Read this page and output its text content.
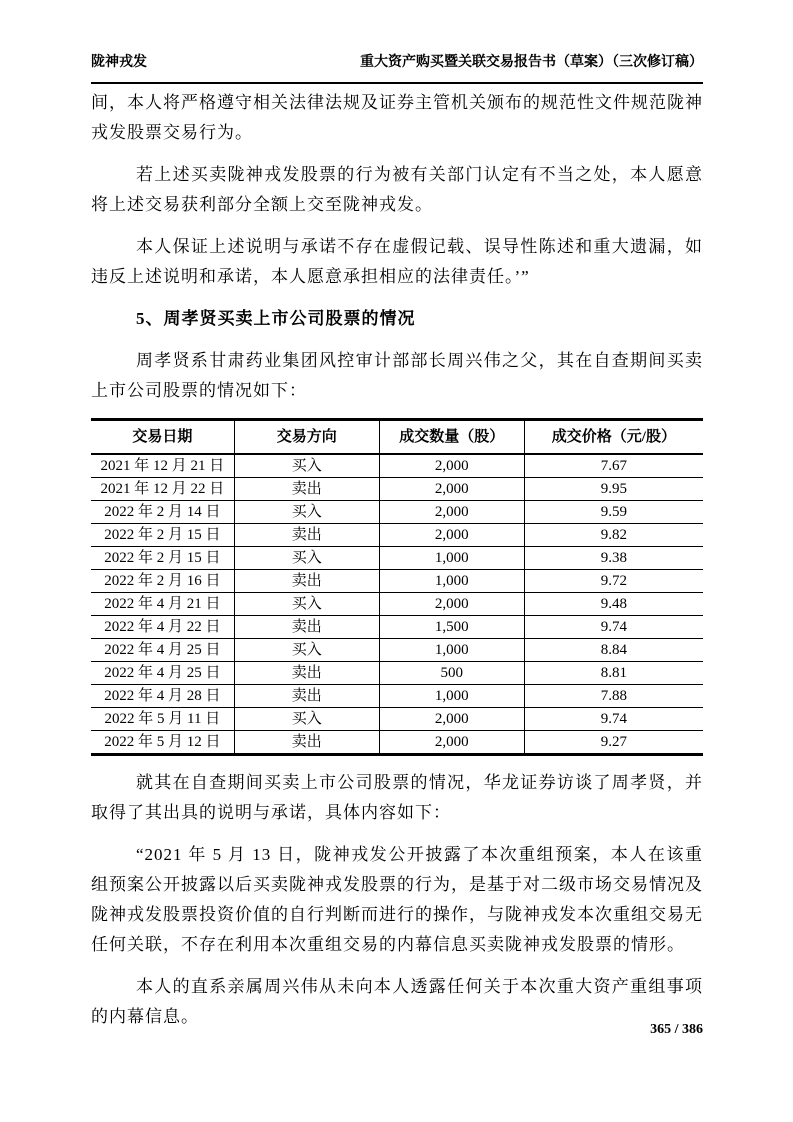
陇神戎发	重大资产购买暨关联交易报告书（草案）（三次修订稿）

间，本人将严格遵守相关法律法规及证券主管机关颁布的规范性文件规范陇神戎发股票交易行为。

若上述买卖陇神戎发股票的行为被有关部门认定有不当之处，本人愿意将上述交易获利部分全额上交至陇神戎发。

本人保证上述说明与承诺不存在虚假记载、误导性陈述和重大遗漏，如违反上述说明和承诺，本人愿意承担相应的法律责任。’”

5、周孝贤买卖上市公司股票的情况

周孝贤系甘肃药业集团风控审计部部长周兴伟之父，其在自查期间买卖上市公司股票的情况如下：

交易日期	交易方向	成交数量（股）	成交价格（元/股）
2021 年 12 月 21 日	买入	2,000	7.67
2021 年 12 月 22 日	卖出	2,000	9.95
2022 年 2 月 14 日	买入	2,000	9.59
2022 年 2 月 15 日	卖出	2,000	9.82
2022 年 2 月 15 日	买入	1,000	9.38
2022 年 2 月 16 日	卖出	1,000	9.72
2022 年 4 月 21 日	买入	2,000	9.48
2022 年 4 月 22 日	卖出	1,500	9.74
2022 年 4 月 25 日	买入	1,000	8.84
2022 年 4 月 25 日	卖出	500	8.81
2022 年 4 月 28 日	卖出	1,000	7.88
2022 年 5 月 11 日	买入	2,000	9.74
2022 年 5 月 12 日	卖出	2,000	9.27

就其在自查期间买卖上市公司股票的情况，华龙证券访谈了周孝贤，并取得了其出具的说明与承诺，具体内容如下：

“2021 年 5 月 13 日，陇神戎发公开披露了本次重组预案，本人在该重组预案公开披露以后买卖陇神戎发股票的行为，是基于对二级市场交易情况及陇神戎发股票投资价值的自行判断而进行的操作，与陇神戎发本次重组交易无任何关联，不存在利用本次重组交易的内幕信息买卖陇神戎发股票的情形。

本人的直系亲属周兴伟从未向本人透露任何关于本次重大资产重组事项的内幕信息。

365 / 386
